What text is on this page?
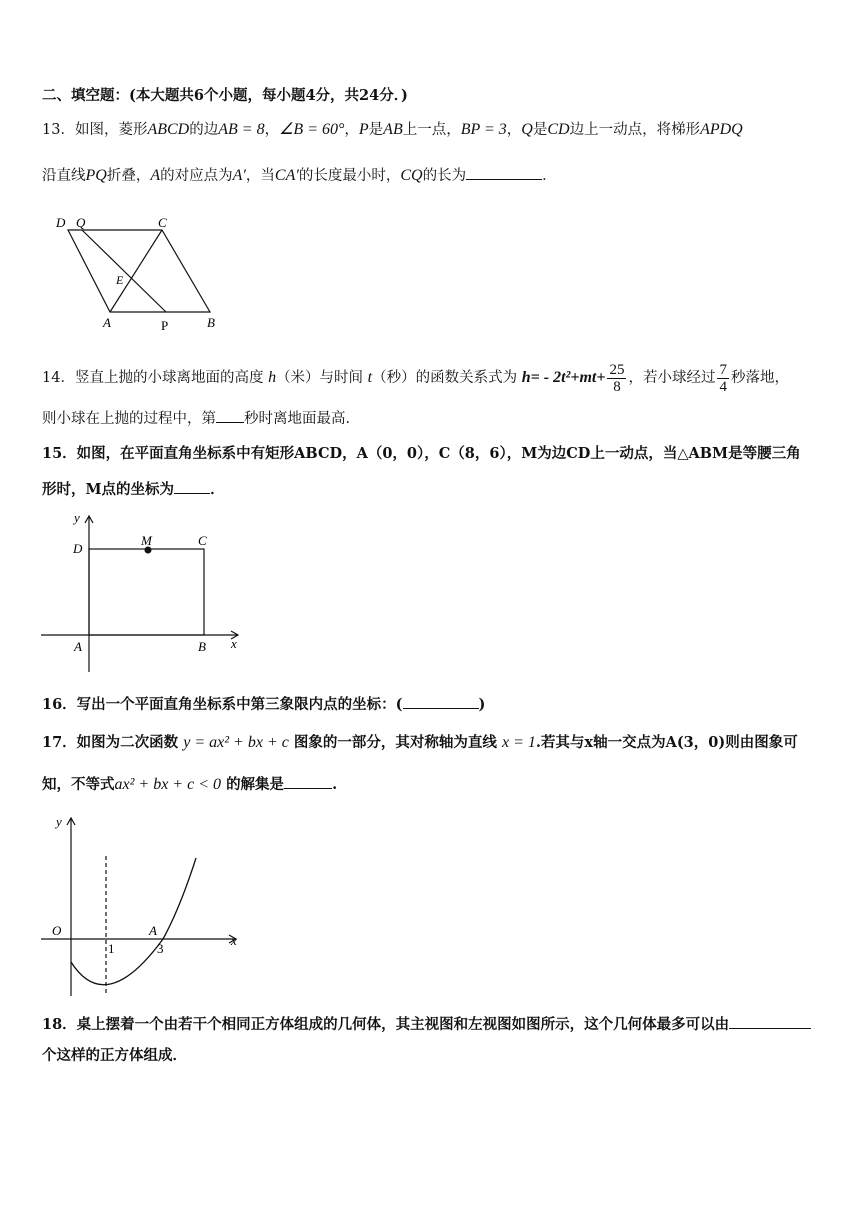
二、填空题：(本大题共6个小题，每小题4分，共24分．)
13．如图，菱形ABCD的边AB = 8，∠B = 60°，P是AB上一点，BP = 3，Q是CD边上一动点，将梯形APDQ
沿直线PQ折叠，A的对应点为A′，当CA′的长度最小时，CQ的长为	．
D Q	C
E
A	P	B
14．竖直上抛的小球离地面的高度 h（米）与时间 t（秒）的函数关系式为 $h= - 2t^2+mt+ \frac{25}{8}$ ，若小球经过 $\frac{7}{4}$ 秒落地，
则小球在上抛的过程中，第 秒时离地面最高．
15．如图，在平面直角坐标系中有矩形ABCD，A（0，0），C（8，6），M为边CD上一动点，当△ABM是等腰三角
形时，M点的坐标为 ．
y
D
M	C
A	B x
16．写出一个平面直角坐标系中第三象限内点的坐标：(	)
17．如图为二次函数 y = ax² + bx + c 图象的一部分，其对称轴为直线 x = 1.若其与x轴一交点为A(3，0)则由图象可
知，不等式ax² + bx + c < 0 的解集是	.
y
O
1
A
3
x
18．桌上摆着一个由若干个相同正方体组成的几何体，其主视图和左视图如图所示，这个几何体最多可以由
个这样的正方体组成．
